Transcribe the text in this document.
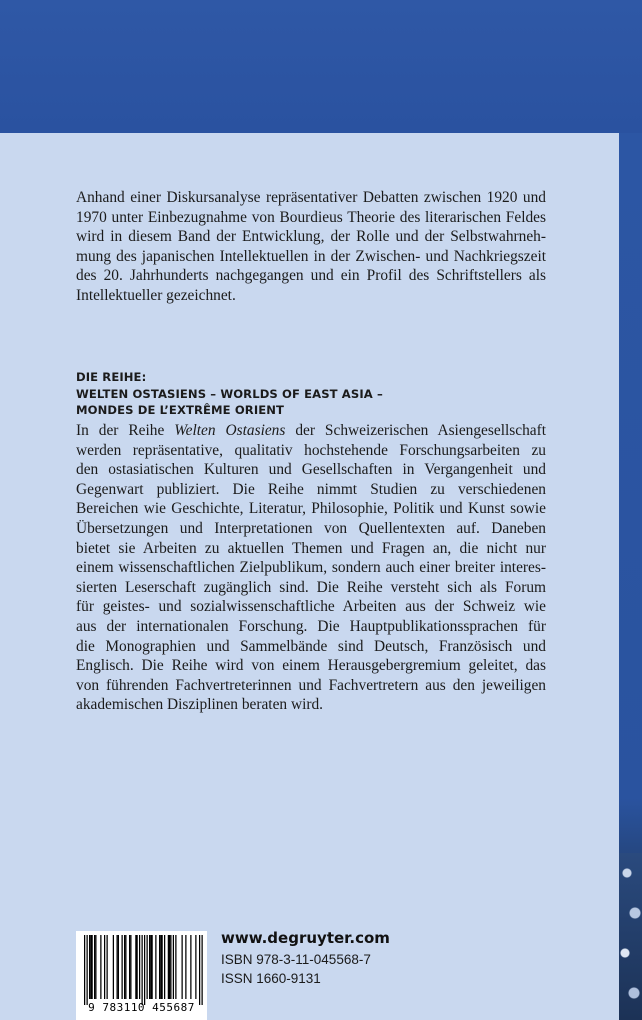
Anhand einer Diskursanalyse repräsentativer Debatten zwischen 1920 und
1970 unter Einbezugnahme von Bourdieus Theorie des literarischen Feldes
wird in diesem Band der Entwicklung, der Rolle und der Selbstwahrneh-
mung des japanischen Intellektuellen in der Zwischen- und Nachkriegszeit
des 20. Jahrhunderts nachgegangen und ein Profil des Schriftstellers als
Intellektueller gezeichnet.
DIE REIHE:
WELTEN OSTASIENS – WORLDS OF EAST ASIA –
MONDES DE L’EXTRÊME ORIENT
In der Reihe Welten Ostasiens der Schweizerischen Asiengesellschaft
werden repräsentative, qualitativ hochstehende Forschungsarbeiten zu
den ostasiatischen Kulturen und Gesellschaften in Vergangenheit und
Gegenwart publiziert. Die Reihe nimmt Studien zu verschiedenen
Bereichen wie Geschichte, Literatur, Philosophie, Politik und Kunst sowie
Übersetzungen und Interpretationen von Quellentexten auf. Daneben
bietet sie Arbeiten zu aktuellen Themen und Fragen an, die nicht nur
einem wissenschaftlichen Zielpublikum, sondern auch einer breiter interes-
sierten Leserschaft zugänglich sind. Die Reihe versteht sich als Forum
für geistes- und sozialwissenschaftliche Arbeiten aus der Schweiz wie
aus der internationalen Forschung. Die Hauptpublikationssprachen für
die Monographien und Sammelbände sind Deutsch, Französisch und
Englisch. Die Reihe wird von einem Herausgebergremium geleitet, das
von führenden Fachvertreterinnen und Fachvertretern aus den jeweiligen
akademischen Disziplinen beraten wird.
9 783110 455687
www.degruyter.com
ISBN 978-3-11-045568-7
ISSN 1660-9131
